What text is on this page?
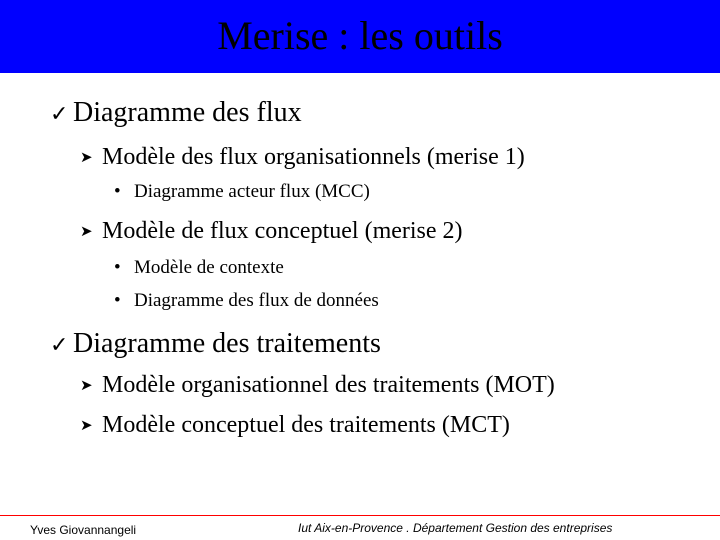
Merise : les outils
✓ Diagramme des flux
➤ Modèle des flux organisationnels (merise 1)
• Diagramme acteur flux (MCC)
➤ Modèle de flux conceptuel (merise 2)
• Modèle de contexte
• Diagramme des flux de données
✓ Diagramme des traitements
➤ Modèle organisationnel des traitements (MOT)
➤ Modèle conceptuel des traitements (MCT)
Yves Giovannangeli	Iut Aix-en-Provence . Département Gestion des entreprises
